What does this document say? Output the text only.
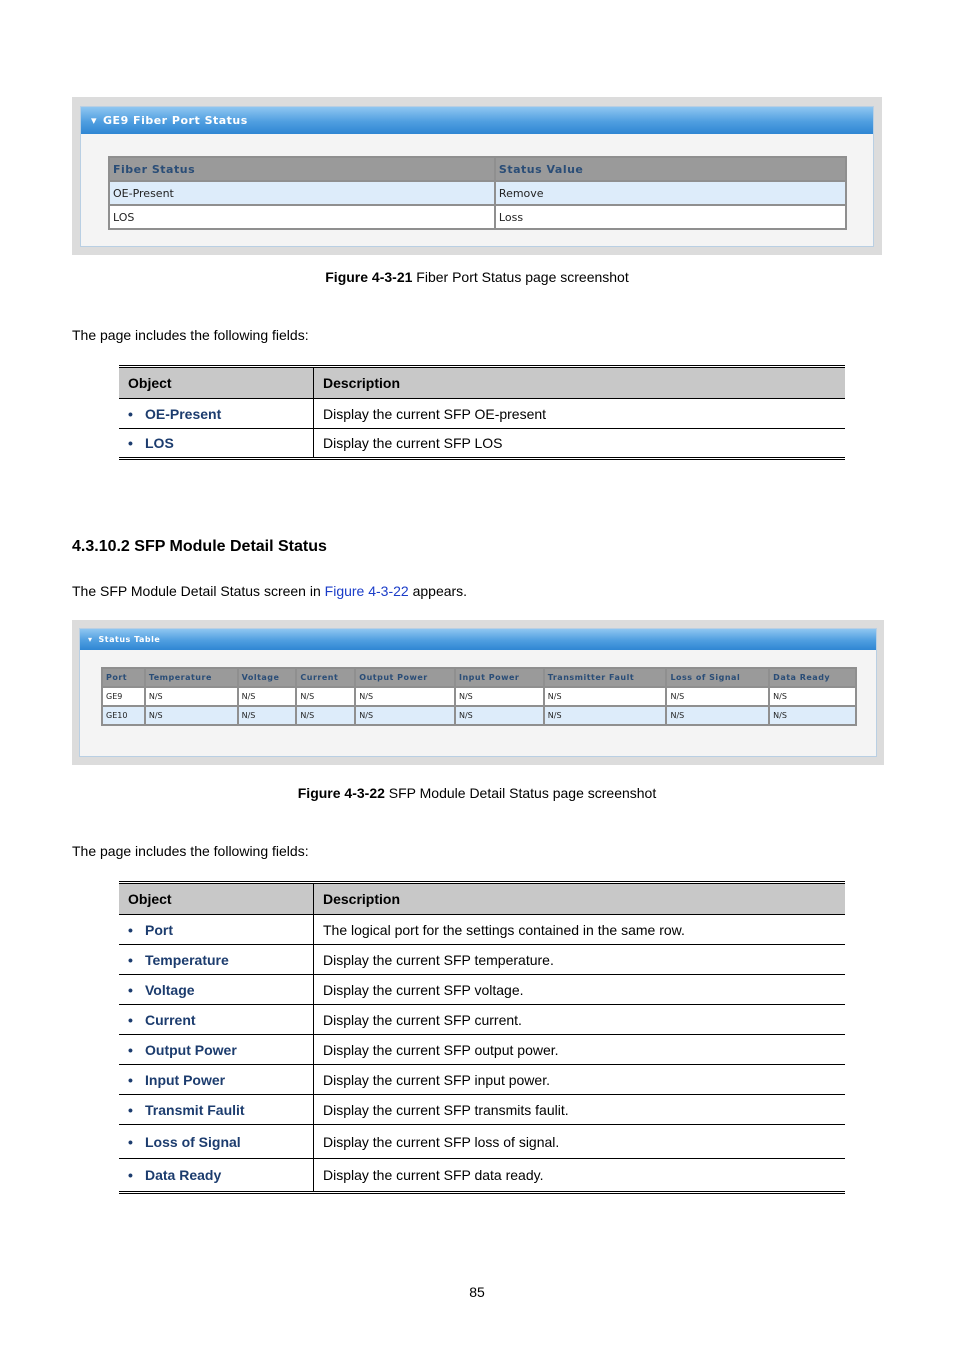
▾ GE9 Fiber Port Status
Fiber Status	Status Value
OE-Present	Remove
LOS	Loss
Figure 4-3-21 Fiber Port Status page screenshot
The page includes the following fields:
Object	Description
• OE-Present	Display the current SFP OE-present
• LOS	Display the current SFP LOS
4.3.10.2 SFP Module Detail Status
The SFP Module Detail Status screen in Figure 4-3-22 appears.
▾ Status Table
Port	Temperature	Voltage	Current	Output Power	Input Power	Transmitter Fault	Loss of Signal	Data Ready
GE9	N/S	N/S	N/S	N/S	N/S	N/S	N/S	N/S
GE10	N/S	N/S	N/S	N/S	N/S	N/S	N/S	N/S
Figure 4-3-22 SFP Module Detail Status page screenshot
The page includes the following fields:
Object	Description
• Port	The logical port for the settings contained in the same row.
• Temperature	Display the current SFP temperature.
• Voltage	Display the current SFP voltage.
• Current	Display the current SFP current.
• Output Power	Display the current SFP output power.
• Input Power	Display the current SFP input power.
• Transmit Faulit	Display the current SFP transmits faulit.
• Loss of Signal	Display the current SFP loss of signal.
• Data Ready	Display the current SFP data ready.
85
